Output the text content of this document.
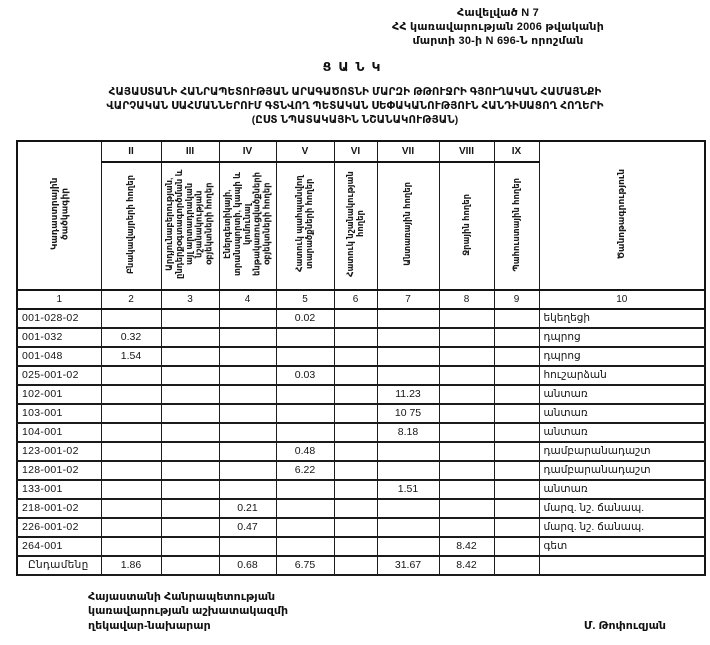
Հավելված N 7
ՀՀ կառավարության 2006 թվականի
մարտի 30-ի N 696-Ն որոշման
ՑԱՆԿ
ՀԱՅԱՍՏԱՆԻ ՀԱՆՐԱՊԵՏՈՒԹՅԱՆ ԱՐԱԳԱԾՈՏՆԻ ՄԱՐԶԻ ԹԹՈՒՋՐԻ ԳՅՈՒՂԱԿԱՆ ՀԱՄԱՅՆՔԻ
ՎԱՐՉԱԿԱՆ ՍԱՀՄԱՆՆԵՐՈՒՄ ԳՏՆՎՈՂ ՊԵՏԱԿԱՆ ՍԵՓԱԿԱՆՈՒԹՅՈՒՆ ՀԱՆԴԻՍԱՑՈՂ ՀՈՂԵՐԻ
(ԸՍՏ ՆՊԱՏԱԿԱՅԻՆ ՆՇԱՆԱԿՈՒԹՅԱՆ)
Կադաստրային ծածկագիր	II	III	IV	V	VI	VII	VIII	IX	Ծանոթագրություն
	Բնակավայրերի հողեր	Արդյունաբերության, ընդերքօգտագործման և այլ արտադրական նշանակության օբյեկտների հողեր	Էներգետիկայի, տրանսպորտի, կապի և կոմունալ ենթակառուցվածքների օբյեկտների հողեր	Հատուկ պահպանվող տարածքների հողեր	Հատուկ նշանակության հողեր	Անտառային հողեր	Ջրային հողեր	Պահուստային հողեր	
1	2	3	4	5	6	7	8	9	10
001-028-02				0.02					եկեղեցի
001-032	0.32								դպրոց
001-048	1.54								դպրոց
025-001-02				0.03					հուշարձան
102-001						11.23			անտառ
103-001						10 75			անտառ
104-001						8.18			անտառ
123-001-02				0.48					դամբարանադաշտ
128-001-02				6.22					դամբարանադաշտ
133-001						1.51			անտառ
218-001-02			0.21						մարզ. նշ. ճանապ.
226-001-02			0.47						մարզ. նշ. ճանապ.
264-001							8.42		գետ
Ընդամենը	1.86		0.68	6.75		31.67	8.42		
Հայաստանի Հանրապետության
կառավարության աշխատակազմի
ղեկավար-նախարար	Մ. Թոփուզյան
